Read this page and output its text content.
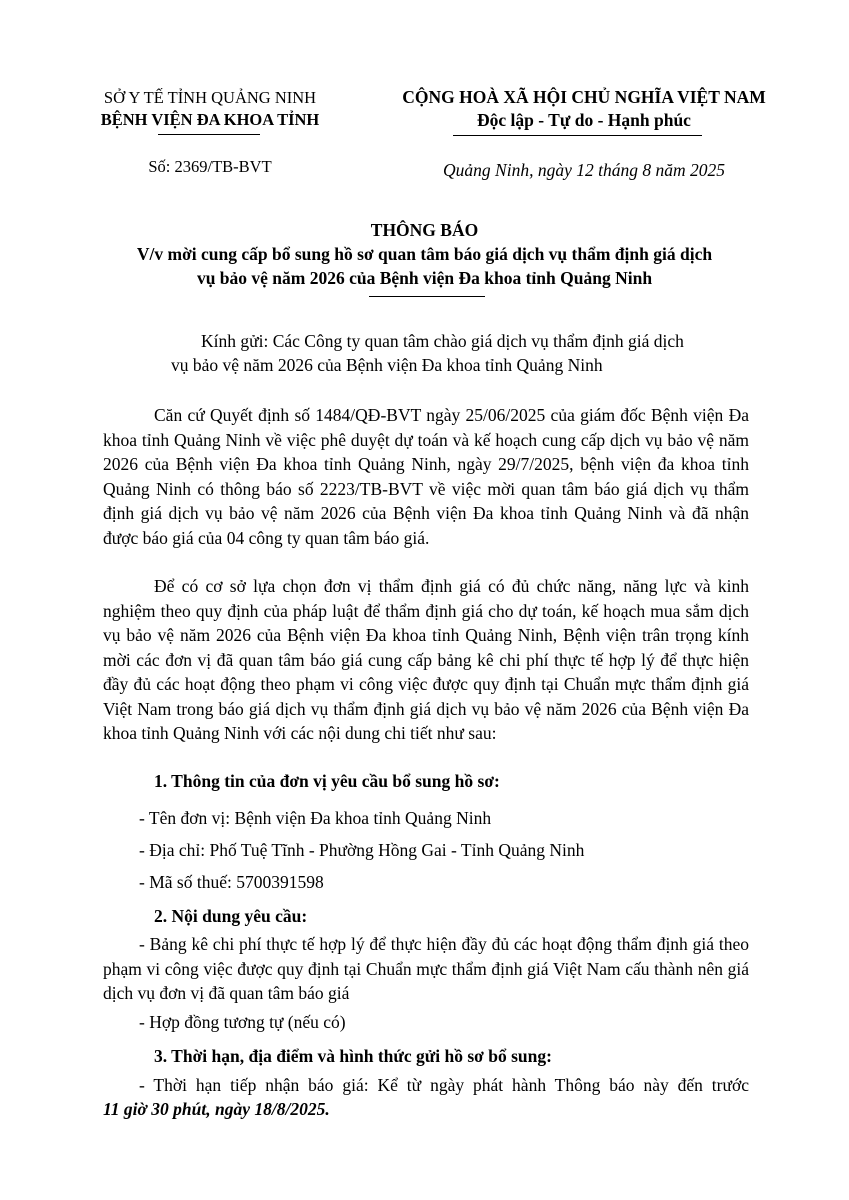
SỞ Y TẾ TỈNH QUẢNG NINH
BỆNH VIỆN ĐA KHOA TỈNH
Số: 2369/TB-BVT
CỘNG HOÀ XÃ HỘI CHỦ NGHĨA VIỆT NAM
Độc lập - Tự do - Hạnh phúc
Quảng Ninh, ngày 12 tháng 8 năm 2025
THÔNG BÁO
V/v mời cung cấp bổ sung hồ sơ quan tâm báo giá dịch vụ thẩm định giá dịch
vụ bảo vệ năm 2026 của Bệnh viện Đa khoa tỉnh Quảng Ninh
Kính gửi: Các Công ty quan tâm chào giá dịch vụ thẩm định giá dịch
vụ bảo vệ năm 2026 của Bệnh viện Đa khoa tỉnh Quảng Ninh
Căn cứ Quyết định số 1484/QĐ-BVT ngày 25/06/2025 của giám đốc Bệnh viện Đa khoa tỉnh Quảng Ninh về việc phê duyệt dự toán và kế hoạch cung cấp dịch vụ bảo vệ năm 2026 của Bệnh viện Đa khoa tỉnh Quảng Ninh, ngày 29/7/2025, bệnh viện đa khoa tỉnh Quảng Ninh có thông báo số 2223/TB-BVT về việc mời quan tâm báo giá dịch vụ thẩm định giá dịch vụ bảo vệ năm 2026 của Bệnh viện Đa khoa tỉnh Quảng Ninh và đã nhận được báo giá của 04 công ty quan tâm báo giá.
Để có cơ sở lựa chọn đơn vị thẩm định giá có đủ chức năng, năng lực và kinh nghiệm theo quy định của pháp luật để thẩm định giá cho dự toán, kế hoạch mua sắm dịch vụ bảo vệ năm 2026 của Bệnh viện Đa khoa tỉnh Quảng Ninh, Bệnh viện trân trọng kính mời các đơn vị đã quan tâm báo giá cung cấp bảng kê chi phí thực tế hợp lý để thực hiện đầy đủ các hoạt động theo phạm vi công việc được quy định tại Chuẩn mực thẩm định giá Việt Nam trong báo giá dịch vụ thẩm định giá dịch vụ bảo vệ năm 2026 của Bệnh viện Đa khoa tỉnh Quảng Ninh với các nội dung chi tiết như sau:
1. Thông tin của đơn vị yêu cầu bổ sung hồ sơ:
- Tên đơn vị: Bệnh viện Đa khoa tỉnh Quảng Ninh
- Địa chỉ: Phố Tuệ Tĩnh - Phường Hồng Gai - Tỉnh Quảng Ninh
- Mã số thuế: 5700391598
2. Nội dung yêu cầu:
- Bảng kê chi phí thực tế hợp lý để thực hiện đầy đủ các hoạt động thẩm định giá theo phạm vi công việc được quy định tại Chuẩn mực thẩm định giá Việt Nam cấu thành nên giá dịch vụ đơn vị đã quan tâm báo giá
- Hợp đồng tương tự (nếu có)
3. Thời hạn, địa điểm và hình thức gửi hồ sơ bổ sung:
- Thời hạn tiếp nhận báo giá: Kể từ ngày phát hành Thông báo này đến trước
11 giờ 30 phút, ngày 18/8/2025.
